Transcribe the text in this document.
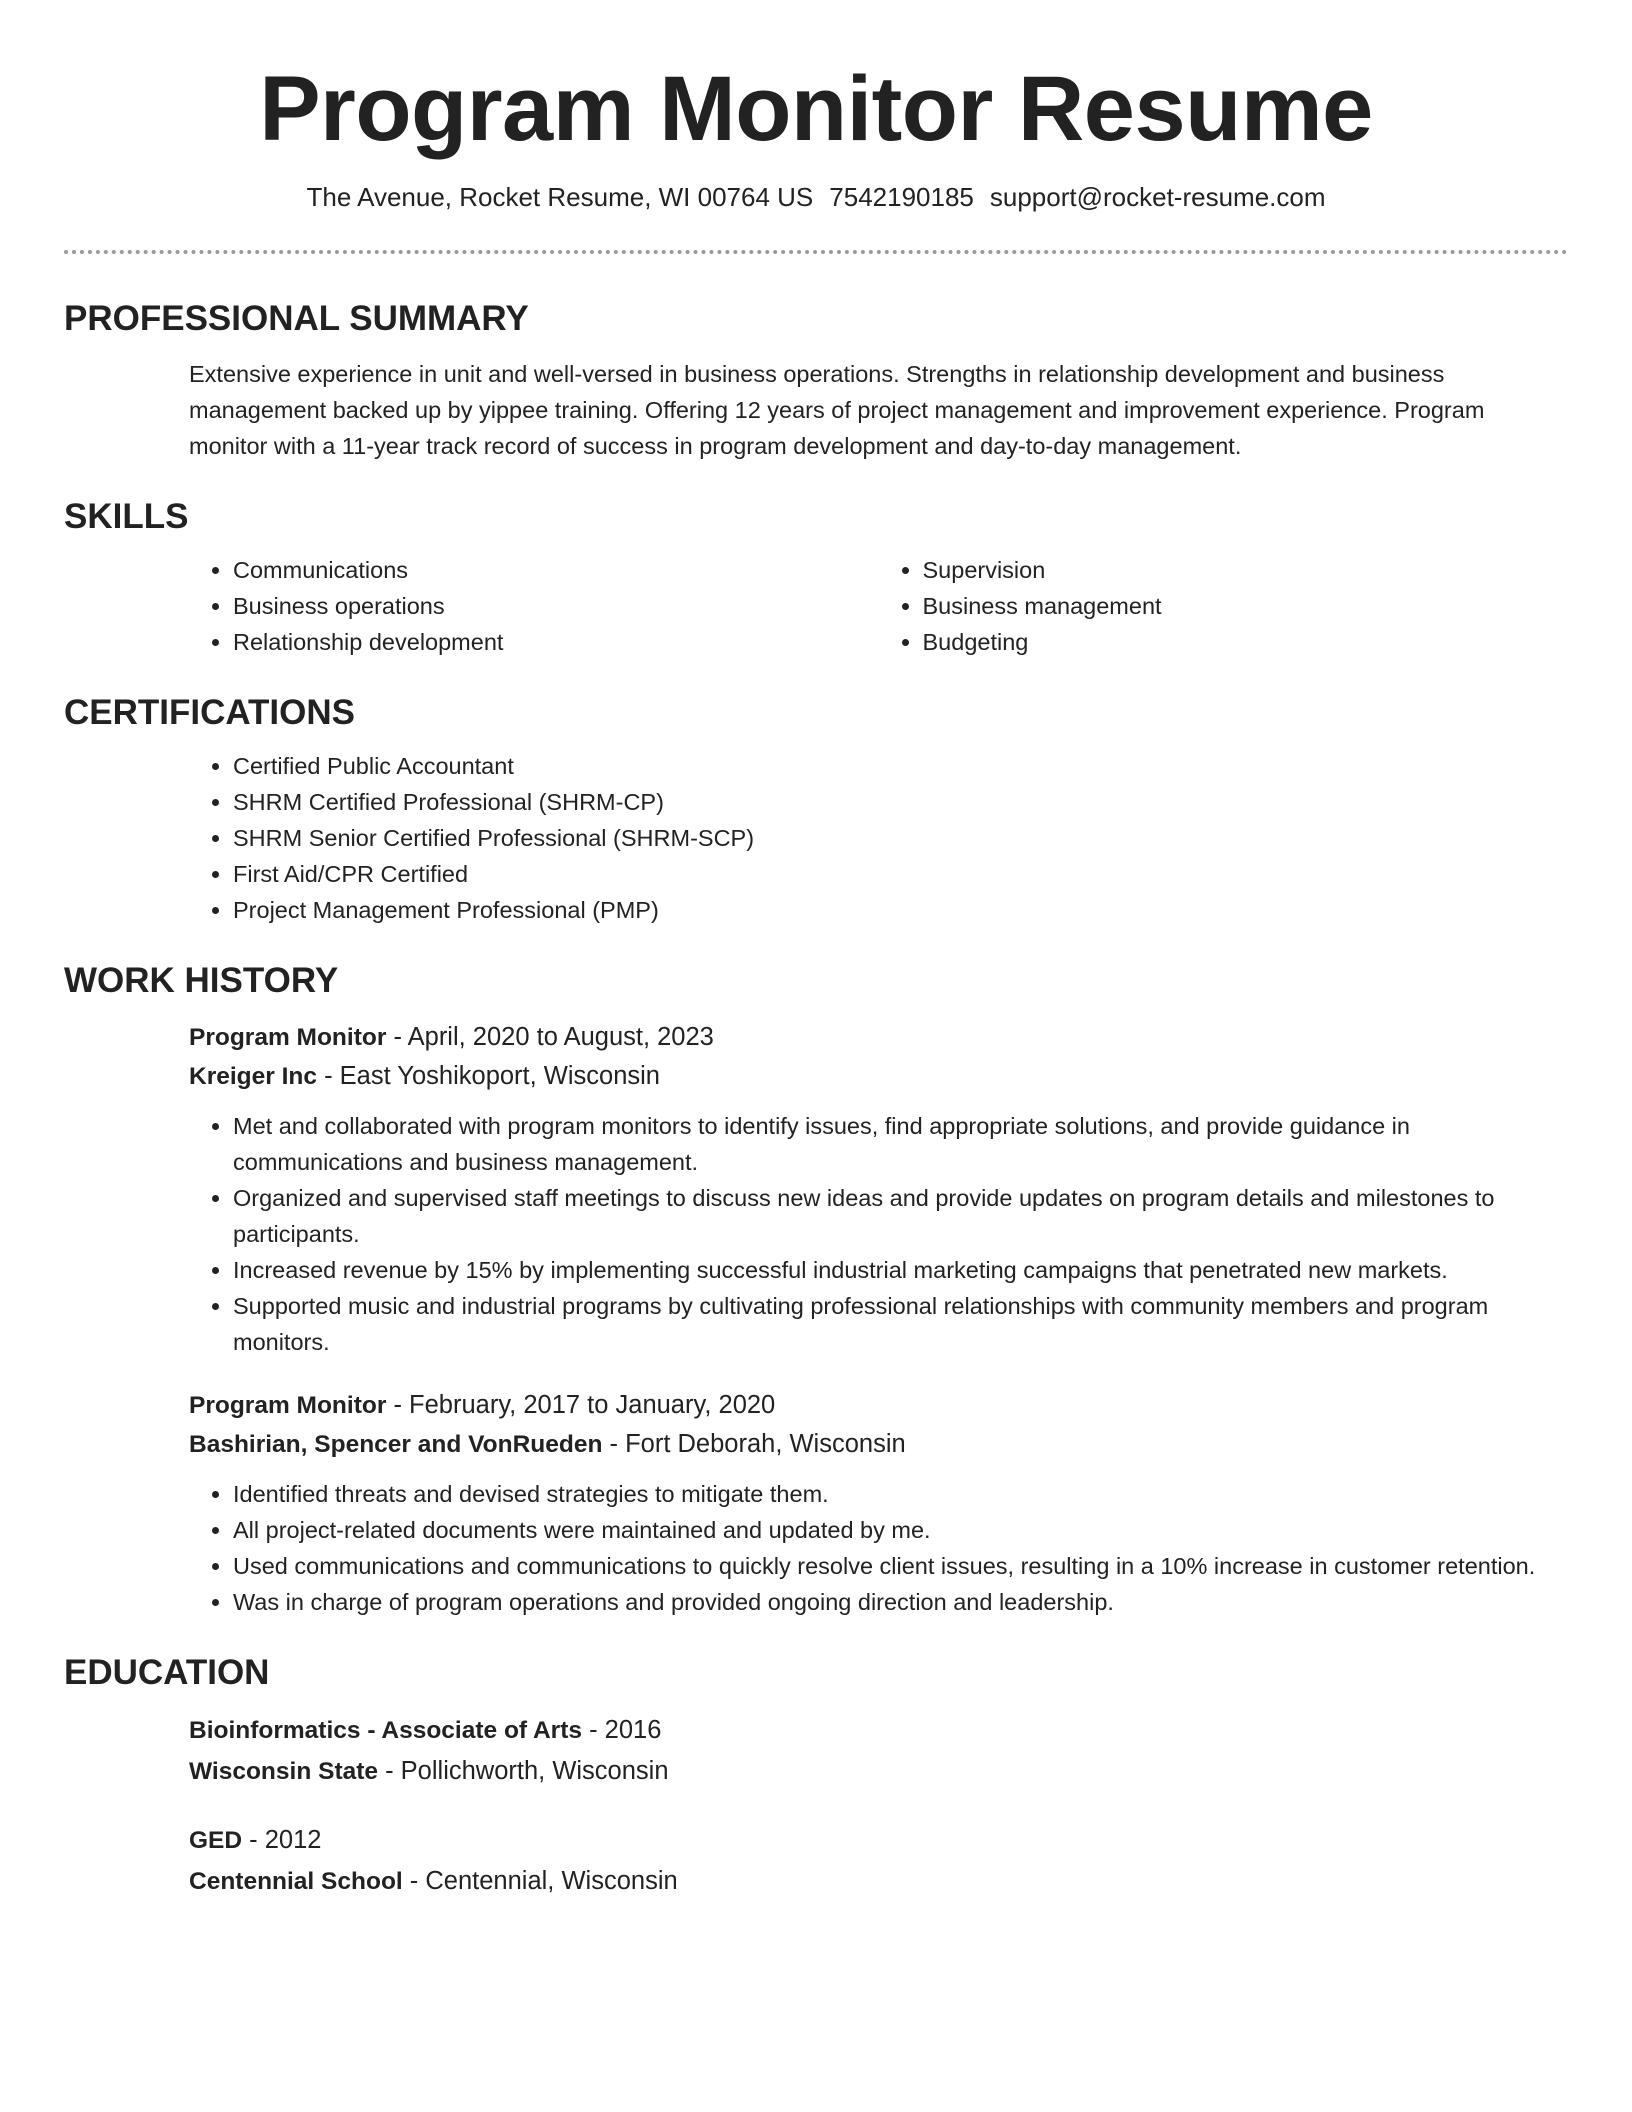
Program Monitor Resume
The Avenue, Rocket Resume, WI 00764 US 7542190185 support@rocket-resume.com
PROFESSIONAL SUMMARY

Extensive experience in unit and well-versed in business operations. Strengths in relationship development and business management backed up by yippee training. Offering 12 years of project management and improvement experience. Program monitor with a 11-year track record of success in program development and day-to-day management.

SKILLS
• Communications
• Business operations
• Relationship development
• Supervision
• Business management
• Budgeting
CERTIFICATIONS
• Certified Public Accountant
• SHRM Certified Professional (SHRM-CP)
• SHRM Senior Certified Professional (SHRM-SCP)
• First Aid/CPR Certified
• Project Management Professional (PMP)
WORK HISTORY
Program Monitor - April, 2020 to August, 2023
Kreiger Inc - East Yoshikoport, Wisconsin
• Met and collaborated with program monitors to identify issues, find appropriate solutions, and provide guidance in communications and business management.
• Organized and supervised staff meetings to discuss new ideas and provide updates on program details and milestones to participants.
• Increased revenue by 15% by implementing successful industrial marketing campaigns that penetrated new markets.
• Supported music and industrial programs by cultivating professional relationships with community members and program monitors.
Program Monitor - February, 2017 to January, 2020
Bashirian, Spencer and VonRueden - Fort Deborah, Wisconsin
• Identified threats and devised strategies to mitigate them.
• All project-related documents were maintained and updated by me.
• Used communications and communications to quickly resolve client issues, resulting in a 10% increase in customer retention.
• Was in charge of program operations and provided ongoing direction and leadership.
EDUCATION
Bioinformatics - Associate of Arts - 2016
Wisconsin State - Pollichworth, Wisconsin
GED - 2012
Centennial School - Centennial, Wisconsin
